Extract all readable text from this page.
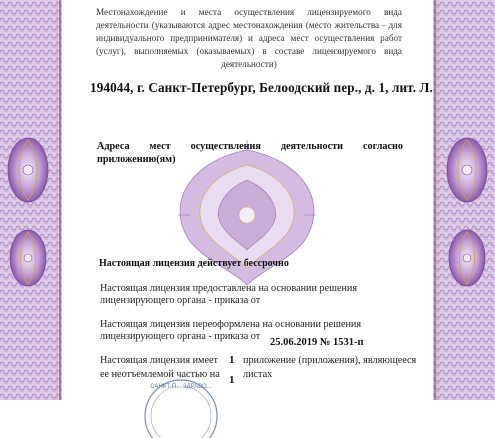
Местонахождение и места осуществления лицензируемого вида деятельности (указываются адрес местонахождения (место жительства - для индивидуального предпринимателя) и адреса мест осуществления работ (услуг), выполняемых (оказываемых) в составе лицензируемого вида деятельности)

194044, г. Санкт-Петербург, Белоодский пер., д. 1, лит. Л.

Адреса мест осуществления деятельности согласно приложению(ям)

Настоящая лицензия действует бессрочно

Настоящая лицензия предоставлена на основании решения

лицензирующего органа - приказа от

Настоящая лицензия переоформлена на основании решения

лицензирующего органа - приказа от

25.06.2019 № 1531-п

Настоящая лицензия имеет

ее неотъемлемой частью на

1

1

приложение (приложения), являющееся

листах

САНКТ-П... ЗДРАВО...
